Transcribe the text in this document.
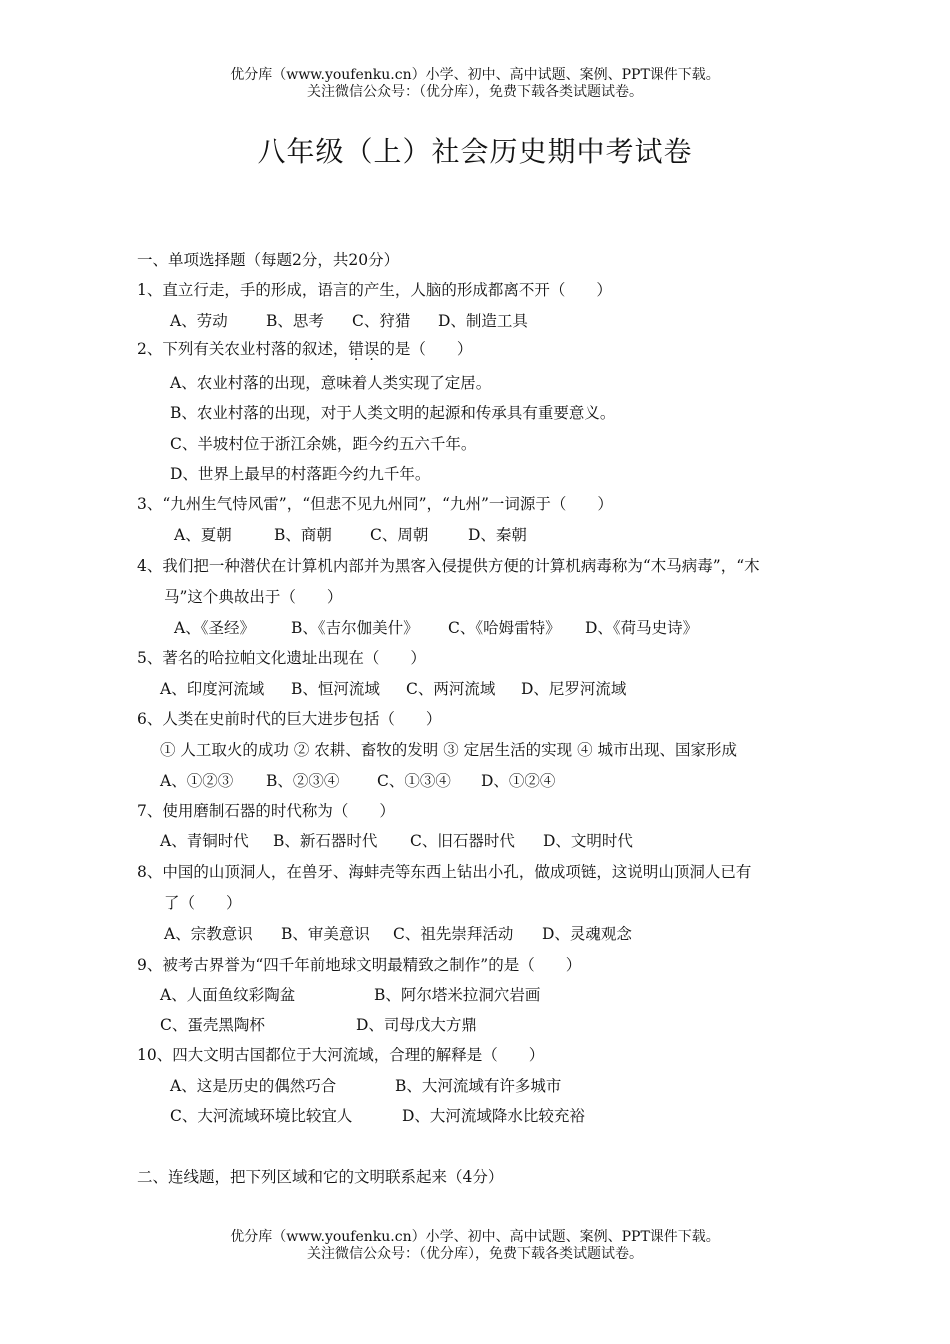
优分库（www.youfenku.cn）小学、初中、高中试题、案例、PPT课件下载。
关注微信公众号：（优分库），免费下载各类试题试卷。
八年级（上）社会历史期中考试卷
一、单项选择题（每题2分，共20分）
1、直立行走，手的形成，语言的产生，人脑的形成都离不开（　　）
A、劳动 B、思考 C、狩猎 D、制造工具
2、下列有关农业村落的叙述，错误的是（　　）
A、农业村落的出现，意味着人类实现了定居。
B、农业村落的出现，对于人类文明的起源和传承具有重要意义。
C、半坡村位于浙江余姚，距今约五六千年。
D、世界上最早的村落距今约九千年。
3、“九州生气恃风雷”，“但悲不见九州同”，“九州”一词源于（　　）
A、夏朝	B、商朝 C、周朝	D、秦朝
4、我们把一种潜伏在计算机内部并为黑客入侵提供方便的计算机病毒称为“木马病毒”，“木
马”这个典故出于（　　）
A、《圣经》 B、《吉尔伽美什》 C、《哈姆雷特》 D、《荷马史诗》
5、著名的哈拉帕文化遗址出现在（　　）
A、印度河流域 B、恒河流域 C、两河流域 D、尼罗河流域
6、人类在史前时代的巨大进步包括（　　）
① 人工取火的成功 ② 农耕、畜牧的发明 ③ 定居生活的实现 ④ 城市出现、国家形成
A、①②③ B、②③④ C、①③④ D、①②④
7、使用磨制石器的时代称为（　　）
A、青铜时代 B、新石器时代 C、旧石器时代 D、文明时代
8、中国的山顶洞人，在兽牙、海蚌壳等东西上钻出小孔，做成项链，这说明山顶洞人已有
了（　　）
A、宗教意识 B、审美意识 C、祖先崇拜活动 D、灵魂观念
9、被考古界誉为“四千年前地球文明最精致之制作”的是（　　）
A、人面鱼纹彩陶盆	B、阿尔塔米拉洞穴岩画
C、蛋壳黑陶杯	D、司母戊大方鼎
10、四大文明古国都位于大河流域，合理的解释是（　　）
A、这是历史的偶然巧合	B、大河流域有许多城市
C、大河流域环境比较宜人	D、大河流域降水比较充裕
二、连线题，把下列区域和它的文明联系起来（4分）
优分库（www.youfenku.cn）小学、初中、高中试题、案例、PPT课件下载。
关注微信公众号：（优分库），免费下载各类试题试卷。
